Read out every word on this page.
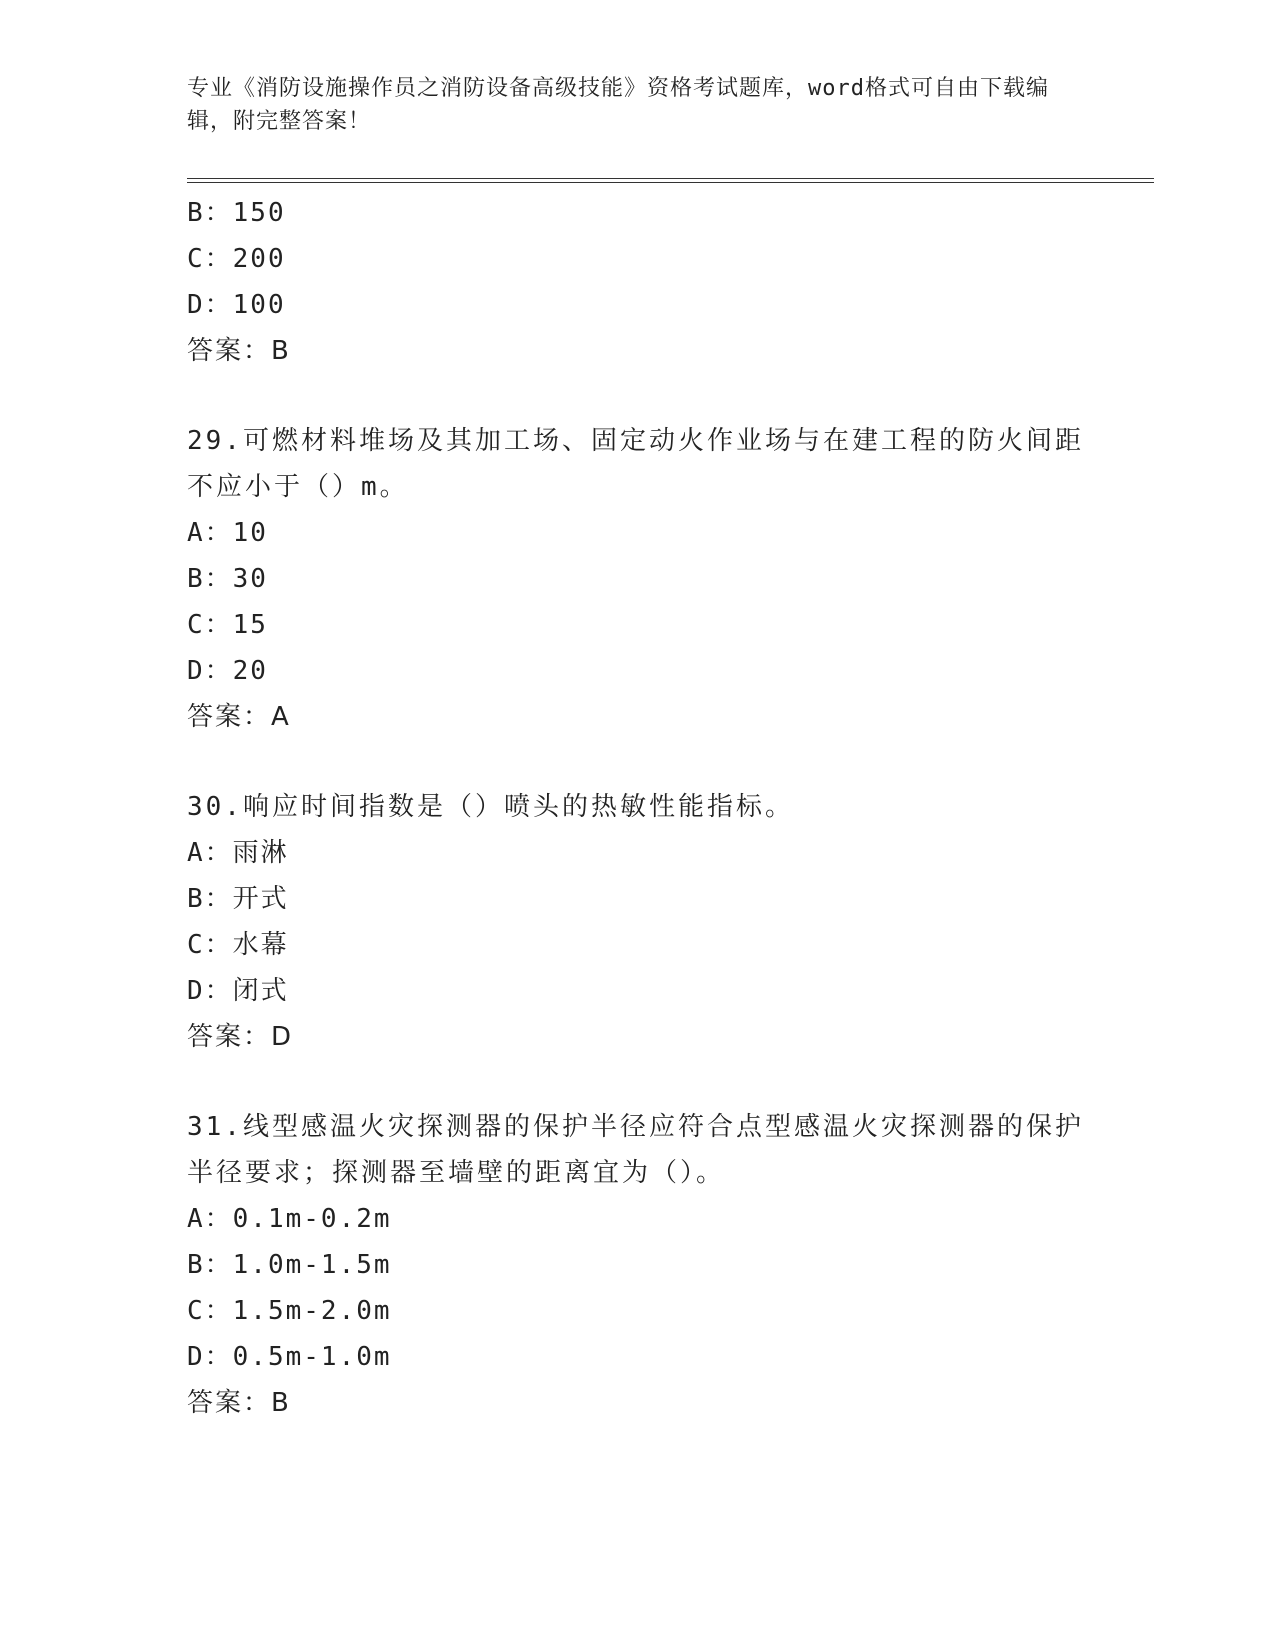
专业《消防设施操作员之消防设备高级技能》资格考试题库，word格式可自由下载编辑，附完整答案！
B：150
C：200
D：100
答案：B
29.可燃材料堆场及其加工场、固定动火作业场与在建工程的防火间距不应小于（）m。
A：10
B：30
C：15
D：20
答案：A
30.响应时间指数是（）喷头的热敏性能指标。
A：雨淋
B：开式
C：水幕
D：闭式
答案：D
31.线型感温火灾探测器的保护半径应符合点型感温火灾探测器的保护半径要求；探测器至墙壁的距离宜为（）。
A：0.1m-0.2m
B：1.0m-1.5m
C：1.5m-2.0m
D：0.5m-1.0m
答案：B
